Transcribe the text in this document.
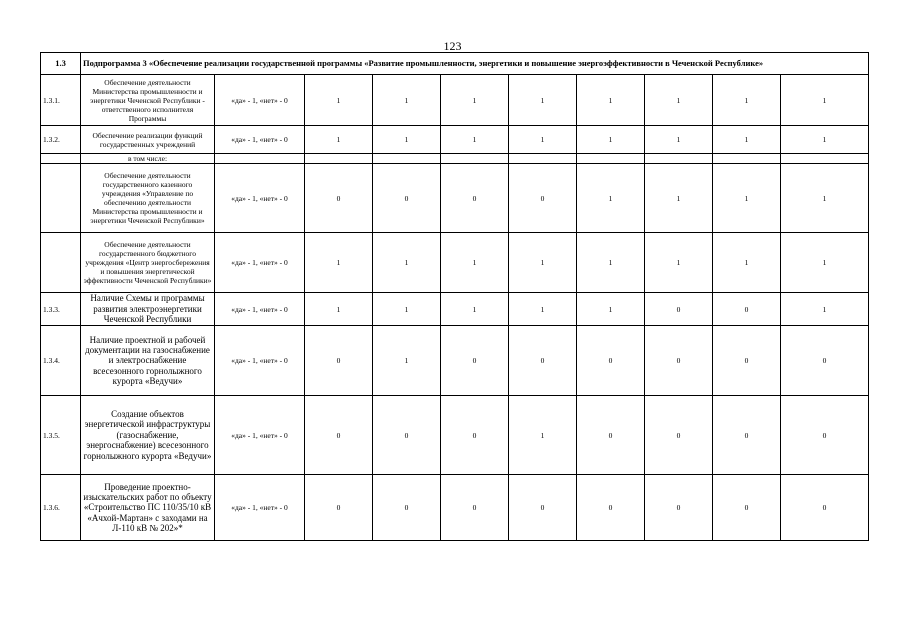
123
1.3	Подпрограмма 3 «Обеспечение реализации государственной программы «Развитие промышленности, энергетики и повышение энергоэффективности в Чеченской Республике»									
1.3.1.	Обеспечение деятельности Министерства промышленности и энергетики Чеченской Республики - ответственного исполнителя Программы	«да» - 1, «нет» - 0	1	1	1	1	1	1	1	1
1.3.2.	Обеспечение реализации функций государственных учреждений	«да» - 1, «нет» - 0	1	1	1	1	1	1	1	1
	в том числе:									
	Обеспечение деятельности государственного казенного учреждения «Управление по обеспечению деятельности Министерства промышленности и энергетики Чеченской Республики»	«да» - 1, «нет» - 0	0	0	0	0	1	1	1	1
	Обеспечение деятельности государственного бюджетного учреждения «Центр энергосбережения и повышения энергетической эффективности Чеченской Республики»	«да» - 1, «нет» - 0	1	1	1	1	1	1	1	1
1.3.3.	Наличие Схемы и программы развития электроэнергетики Чеченской Республики	«да» - 1, «нет» - 0	1	1	1	1	1	0	0	1
1.3.4.	Наличие проектной и рабочей документации на газоснабжение и электроснабжение всесезонного горнолыжного курорта «Ведучи»	«да» - 1, «нет» - 0	0	1	0	0	0	0	0	0
1.3.5.	Создание объектов энергетической инфраструктуры (газоснабжение, энергоснабжение) всесезонного горнолыжного курорта «Ведучи»	«да» - 1, «нет» - 0	0	0	0	1	0	0	0	0
1.3.6.	Проведение проектно-изыскательских работ по объекту «Строительство ПС 110/35/10 кВ «Ачхой-Мартан» с заходами на Л-110 кВ № 202»*	«да» - 1, «нет» - 0	0	0	0	0	0	0	0	0
